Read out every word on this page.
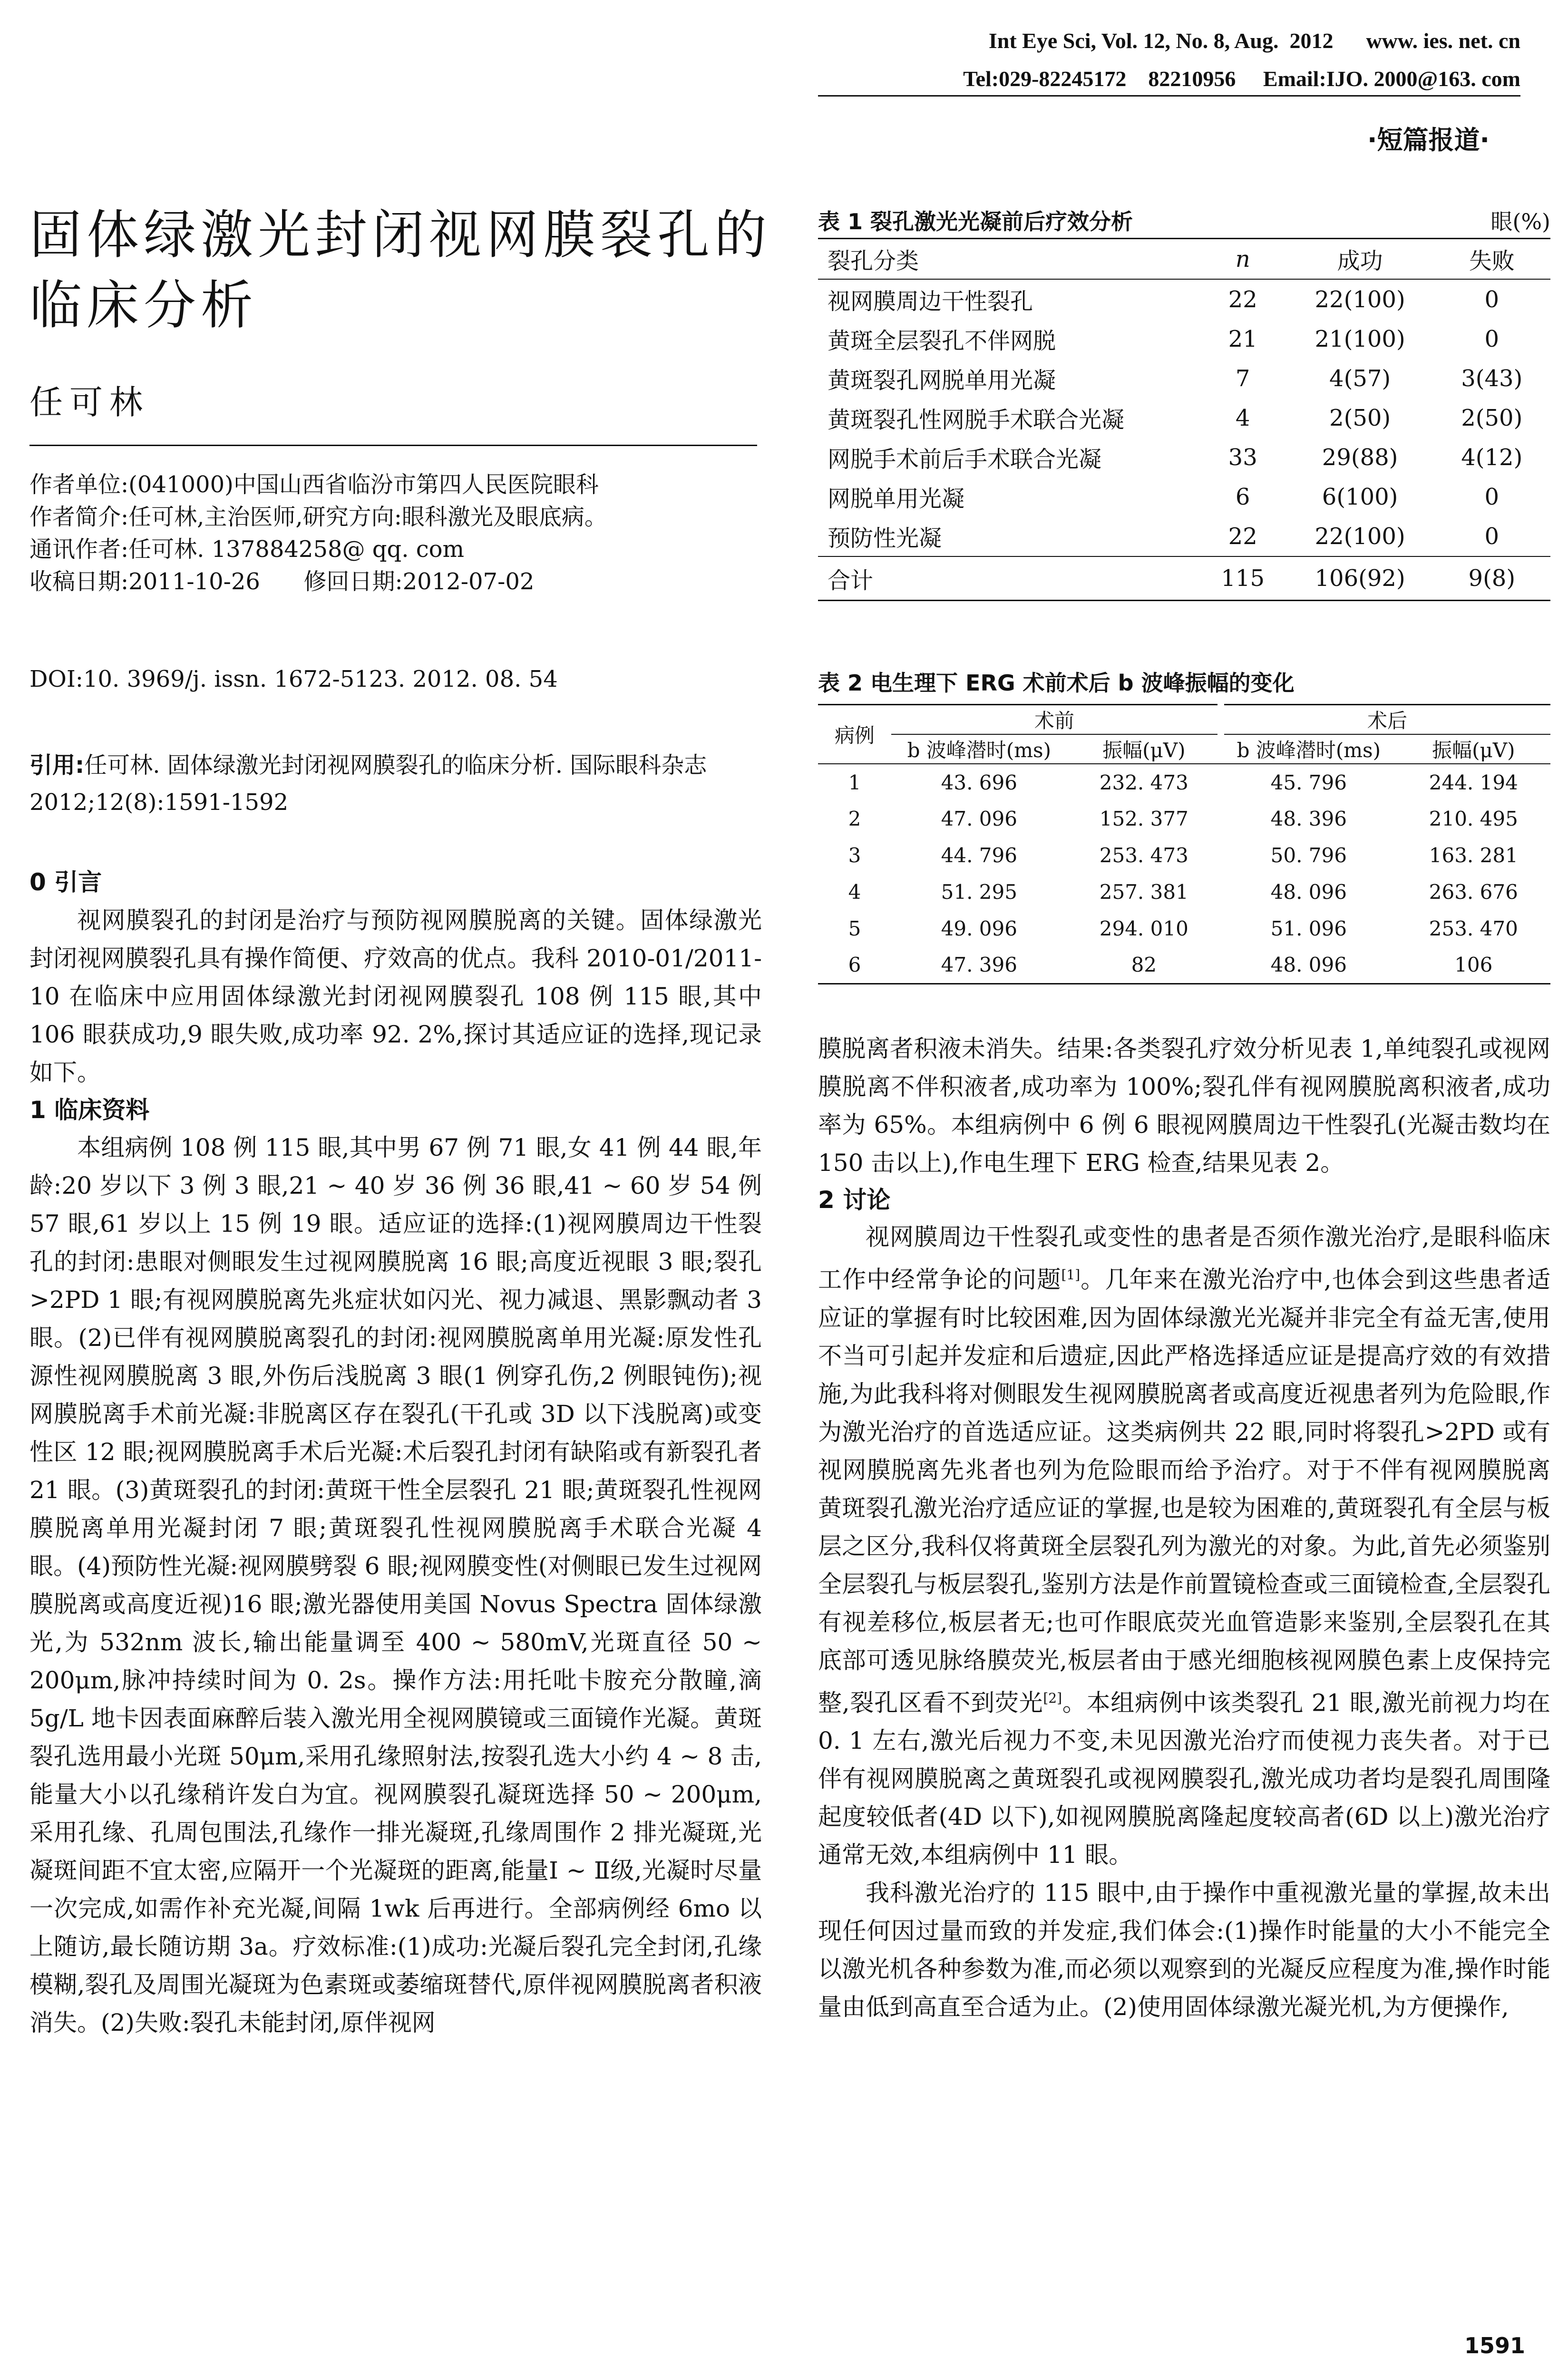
Int Eye Sci, Vol. 12, No. 8, Aug.  2012      www. ies. net. cn
Tel:029-82245172    82210956     Email:IJO. 2000@163. com
·短篇报道·
固体绿激光封闭视网膜裂孔的临床分析
任可林
作者单位:(041000)中国山西省临汾市第四人民医院眼科
作者简介:任可林,主治医师,研究方向:眼科激光及眼底病。
通讯作者:任可林. 137884258@ qq. com
收稿日期:2011-10-26      修回日期:2012-07-02
DOI:10. 3969/j. issn. 1672-5123. 2012. 08. 54
引用:任可林. 固体绿激光封闭视网膜裂孔的临床分析. 国际眼科杂志 2012;12(8):1591-1592
0 引言

视网膜裂孔的封闭是治疗与预防视网膜脱离的关键。固体绿激光封闭视网膜裂孔具有操作简便、疗效高的优点。我科 2010-01/2011-10 在临床中应用固体绿激光封闭视网膜裂孔 108 例 115 眼,其中 106 眼获成功,9 眼失败,成功率 92. 2%,探讨其适应证的选择,现记录如下。

1 临床资料

本组病例 108 例 115 眼,其中男 67 例 71 眼,女 41 例 44 眼,年龄:20 岁以下 3 例 3 眼,21 ~ 40 岁 36 例 36 眼,41 ~ 60 岁 54 例 57 眼,61 岁以上 15 例 19 眼。适应证的选择:(1)视网膜周边干性裂孔的封闭:患眼对侧眼发生过视网膜脱离 16 眼;高度近视眼 3 眼;裂孔>2PD 1 眼;有视网膜脱离先兆症状如闪光、视力减退、黑影飘动者 3 眼。(2)已伴有视网膜脱离裂孔的封闭:视网膜脱离单用光凝:原发性孔源性视网膜脱离 3 眼,外伤后浅脱离 3 眼(1 例穿孔伤,2 例眼钝伤);视网膜脱离手术前光凝:非脱离区存在裂孔(干孔或 3D 以下浅脱离)或变性区 12 眼;视网膜脱离手术后光凝:术后裂孔封闭有缺陷或有新裂孔者 21 眼。(3)黄斑裂孔的封闭:黄斑干性全层裂孔 21 眼;黄斑裂孔性视网膜脱离单用光凝封闭 7 眼;黄斑裂孔性视网膜脱离手术联合光凝 4 眼。(4)预防性光凝:视网膜劈裂 6 眼;视网膜变性(对侧眼已发生过视网膜脱离或高度近视)16 眼;激光器使用美国 Novus Spectra 固体绿激光,为 532nm 波长,输出能量调至 400 ~ 580mV,光斑直径 50 ~ 200μm,脉冲持续时间为 0. 2s。操作方法:用托吡卡胺充分散瞳,滴 5g/L 地卡因表面麻醉后装入激光用全视网膜镜或三面镜作光凝。黄斑裂孔选用最小光斑 50μm,采用孔缘照射法,按裂孔选大小约 4 ~ 8 击,能量大小以孔缘稍许发白为宜。视网膜裂孔凝斑选择 50 ~ 200μm,采用孔缘、孔周包围法,孔缘作一排光凝斑,孔缘周围作 2 排光凝斑,光凝斑间距不宜太密,应隔开一个光凝斑的距离,能量Ⅰ ~ Ⅱ级,光凝时尽量一次完成,如需作补充光凝,间隔 1wk 后再进行。全部病例经 6mo 以上随访,最长随访期 3a。疗效标准:(1)成功:光凝后裂孔完全封闭,孔缘模糊,裂孔及周围光凝斑为色素斑或萎缩斑替代,原伴视网膜脱离者积液消失。(2)失败:裂孔未能封闭,原伴视网

表 1 裂孔激光光凝前后疗效分析	眼(%)
裂孔分类	n	成功	失败
视网膜周边干性裂孔	22	22(100)	0
黄斑全层裂孔不伴网脱	21	21(100)	0
黄斑裂孔网脱单用光凝	7	4(57)	3(43)
黄斑裂孔性网脱手术联合光凝	4	2(50)	2(50)
网脱手术前后手术联合光凝	33	29(88)	4(12)
网脱单用光凝	6	6(100)	0
预防性光凝	22	22(100)	0
合计	115	106(92)	9(8)
表 2 电生理下 ERG 术前术后 b 波峰振幅的变化
病例	术前		术后	
	b 波峰潜时(ms)	振幅(μV)	b 波峰潜时(ms)	振幅(μV)
1	43. 696	232. 473	45. 796	244. 194
2	47. 096	152. 377	48. 396	210. 495
3	44. 796	253. 473	50. 796	163. 281
4	51. 295	257. 381	48. 096	263. 676
5	49. 096	294. 010	51. 096	253. 470
6	47. 396	82	48. 096	106

膜脱离者积液未消失。结果:各类裂孔疗效分析见表 1,单纯裂孔或视网膜脱离不伴积液者,成功率为 100%;裂孔伴有视网膜脱离积液者,成功率为 65%。本组病例中 6 例 6 眼视网膜周边干性裂孔(光凝击数均在 150 击以上),作电生理下 ERG 检查,结果见表 2。

2 讨论

视网膜周边干性裂孔或变性的患者是否须作激光治疗,是眼科临床工作中经常争论的问题[1]。几年来在激光治疗中,也体会到这些患者适应证的掌握有时比较困难,因为固体绿激光光凝并非完全有益无害,使用不当可引起并发症和后遗症,因此严格选择适应证是提高疗效的有效措施,为此我科将对侧眼发生视网膜脱离者或高度近视患者列为危险眼,作为激光治疗的首选适应证。这类病例共 22 眼,同时将裂孔>2PD 或有视网膜脱离先兆者也列为危险眼而给予治疗。对于不伴有视网膜脱离黄斑裂孔激光治疗适应证的掌握,也是较为困难的,黄斑裂孔有全层与板层之区分,我科仅将黄斑全层裂孔列为激光的对象。为此,首先必须鉴别全层裂孔与板层裂孔,鉴别方法是作前置镜检查或三面镜检查,全层裂孔有视差移位,板层者无;也可作眼底荧光血管造影来鉴别,全层裂孔在其底部可透见脉络膜荧光,板层者由于感光细胞核视网膜色素上皮保持完整,裂孔区看不到荧光[2]。本组病例中该类裂孔 21 眼,激光前视力均在 0. 1 左右,激光后视力不变,未见因激光治疗而使视力丧失者。对于已伴有视网膜脱离之黄斑裂孔或视网膜裂孔,激光成功者均是裂孔周围隆起度较低者(4D 以下),如视网膜脱离隆起度较高者(6D 以上)激光治疗通常无效,本组病例中 11 眼。

我科激光治疗的 115 眼中,由于操作中重视激光量的掌握,故未出现任何因过量而致的并发症,我们体会:(1)操作时能量的大小不能完全以激光机各种参数为准,而必须以观察到的光凝反应程度为准,操作时能量由低到高直至合适为止。(2)使用固体绿激光凝光机,为方便操作,

1591
